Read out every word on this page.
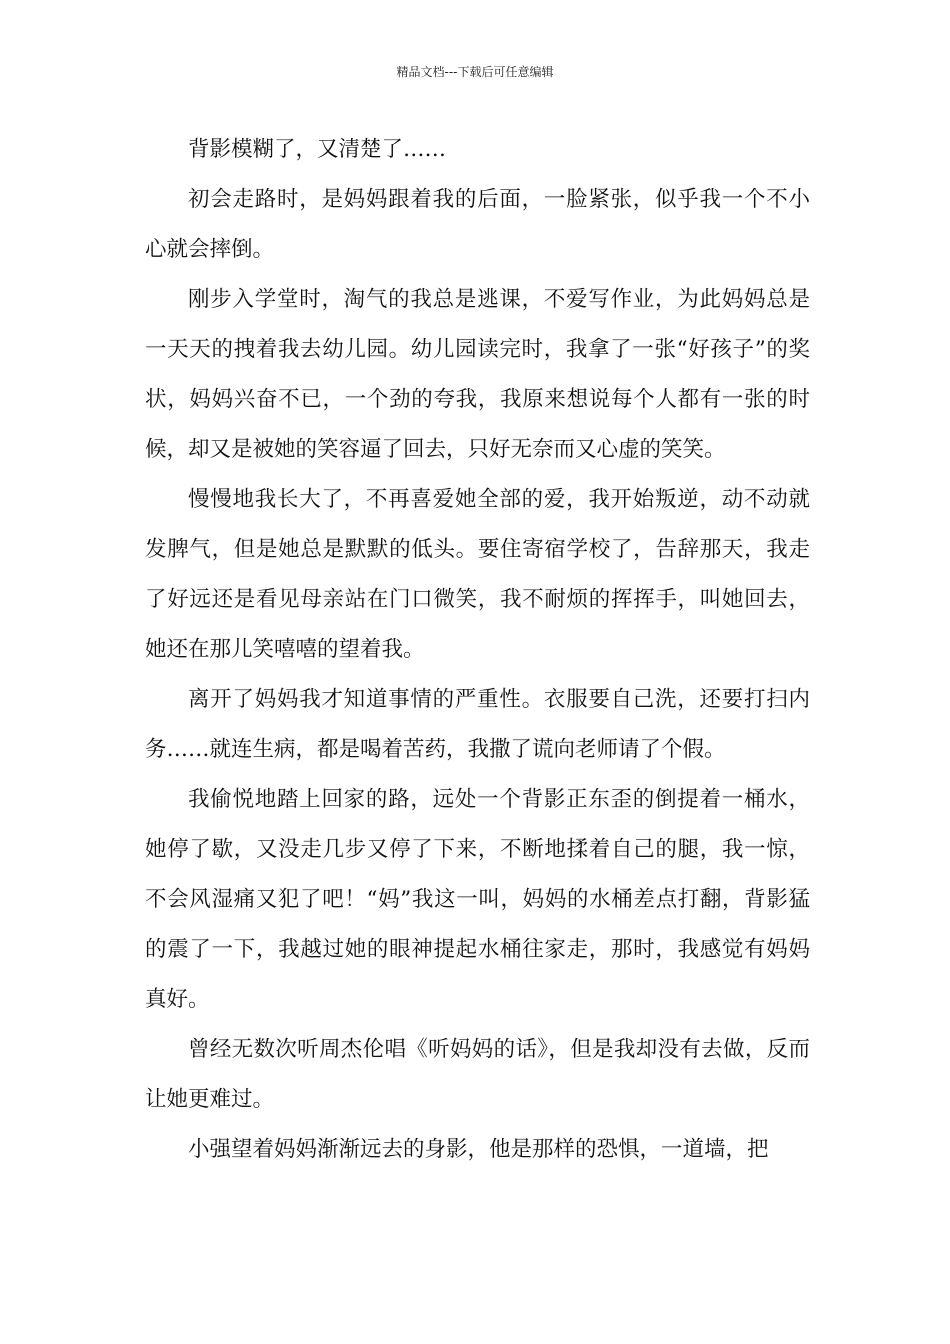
精品文档---下载后可任意编辑

背影模糊了，又清楚了……

初会走路时，是妈妈跟着我的后面，一脸紧张，似乎我一个不小心就会摔倒。

刚步入学堂时，淘气的我总是逃课，不爱写作业，为此妈妈总是一天天的拽着我去幼儿园。幼儿园读完时，我拿了一张“好孩子”的奖状，妈妈兴奋不已，一个劲的夸我，我原来想说每个人都有一张的时候，却又是被她的笑容逼了回去，只好无奈而又心虚的笑笑。

慢慢地我长大了，不再喜爱她全部的爱，我开始叛逆，动不动就发脾气，但是她总是默默的低头。要住寄宿学校了，告辞那天，我走了好远还是看见母亲站在门口微笑，我不耐烦的挥挥手，叫她回去，她还在那儿笑嘻嘻的望着我。

离开了妈妈我才知道事情的严重性。衣服要自己洗，还要打扫内务……就连生病，都是喝着苦药，我撒了谎向老师请了个假。

我偷悦地踏上回家的路，远处一个背影正东歪的倒提着一桶水，她停了歇，又没走几步又停了下来，不断地揉着自己的腿，我一惊，不会风湿痛又犯了吧！“妈”我这一叫，妈妈的水桶差点打翻，背影猛的震了一下，我越过她的眼神提起水桶往家走，那时，我感觉有妈妈真好。

曾经无数次听周杰伦唱《听妈妈的话》，但是我却没有去做，反而让她更难过。

小强望着妈妈渐渐远去的身影，他是那样的恐惧，一道墙，把
